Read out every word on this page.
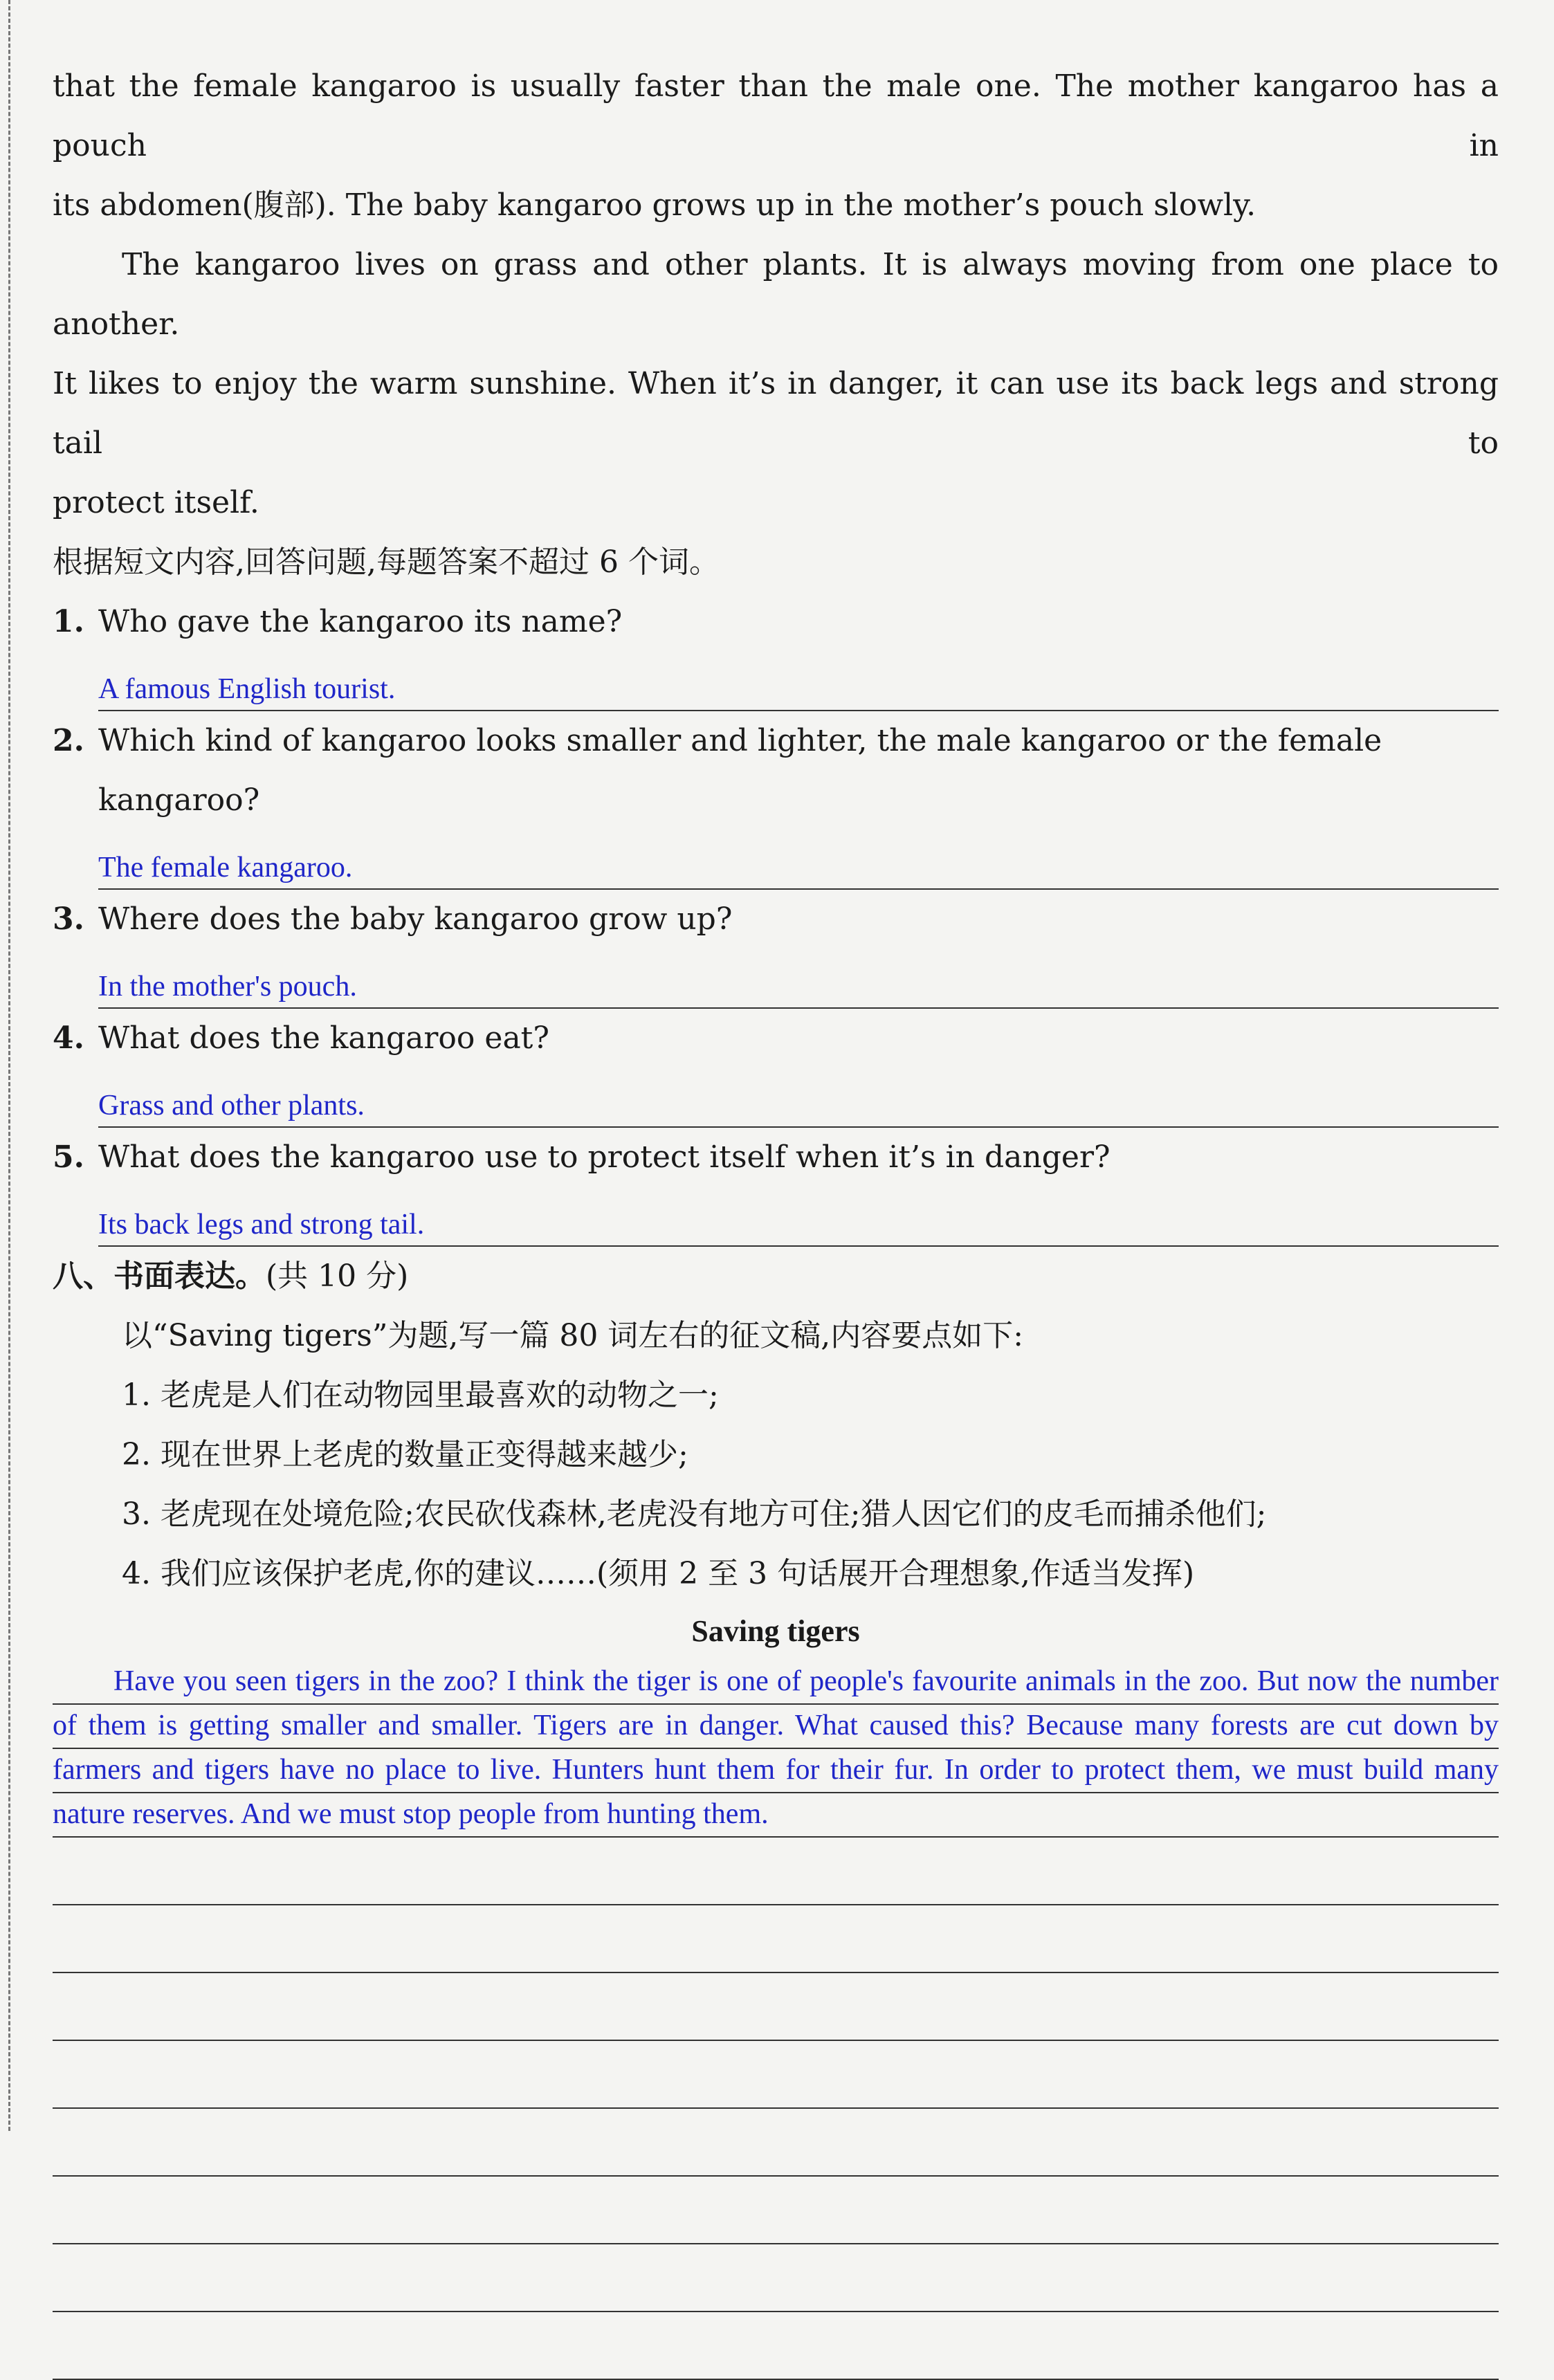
that the female kangaroo is usually faster than the male one. The mother kangaroo has a pouch in

its abdomen(腹部). The baby kangaroo grows up in the mother’s pouch slowly.

The kangaroo lives on grass and other plants. It is always moving from one place to another.

It likes to enjoy the warm sunshine. When it’s in danger, it can use its back legs and strong tail to

protect itself.

根据短文内容,回答问题,每题答案不超过 6 个词。

1. Who gave the kangaroo its name?

A famous English tourist.

2. Which kind of kangaroo looks smaller and lighter, the male kangaroo or the female kangaroo?

The female kangaroo.

3. Where does the baby kangaroo grow up?

In the mother's pouch.

4. What does the kangaroo eat?

Grass and other plants.

5. What does the kangaroo use to protect itself when it’s in danger?

Its back legs and strong tail.

八、书面表达。(共 10 分)

以“Saving tigers”为题,写一篇 80 词左右的征文稿,内容要点如下:

1. 老虎是人们在动物园里最喜欢的动物之一;

2. 现在世界上老虎的数量正变得越来越少;

3. 老虎现在处境危险;农民砍伐森林,老虎没有地方可住;猎人因它们的皮毛而捕杀他们;

4. 我们应该保护老虎,你的建议……(须用 2 至 3 句话展开合理想象,作适当发挥)

Saving tigers

Have you seen tigers in the zoo? I think the tiger is one of people's favourite animals in the zoo. But now the number of them is getting smaller and smaller. Tigers are in danger. What caused this? Because many forests are cut down by farmers and tigers have no place to live. Hunters hunt them for their fur. In order to protect them, we must build many nature reserves. And we must stop people from hunting them.
